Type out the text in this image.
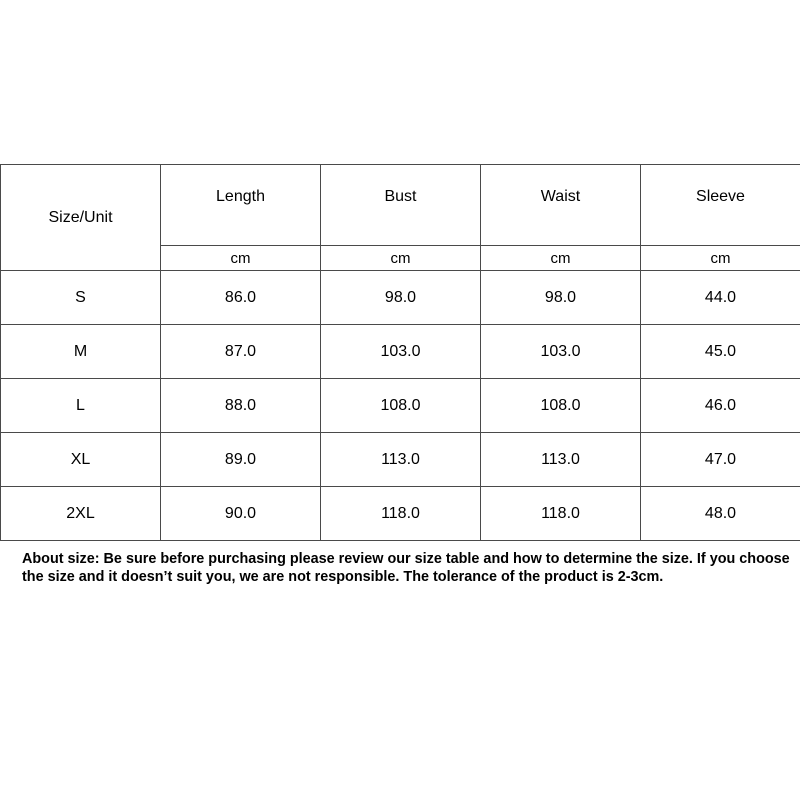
Size/Unit	Length	Bust	Waist	Sleeve

	cm	cm	cm	cm
S	86.0	98.0	98.0	44.0
M	87.0	103.0	103.0	45.0
L	88.0	108.0	108.0	46.0
XL	89.0	113.0	113.0	47.0
2XL	90.0	118.0	118.0	48.0

About size: Be sure before purchasing please review our size table and how to determine the size. If you choose the size and it doesn’t suit you, we are not responsible. The tolerance of the product is 2-3cm.
